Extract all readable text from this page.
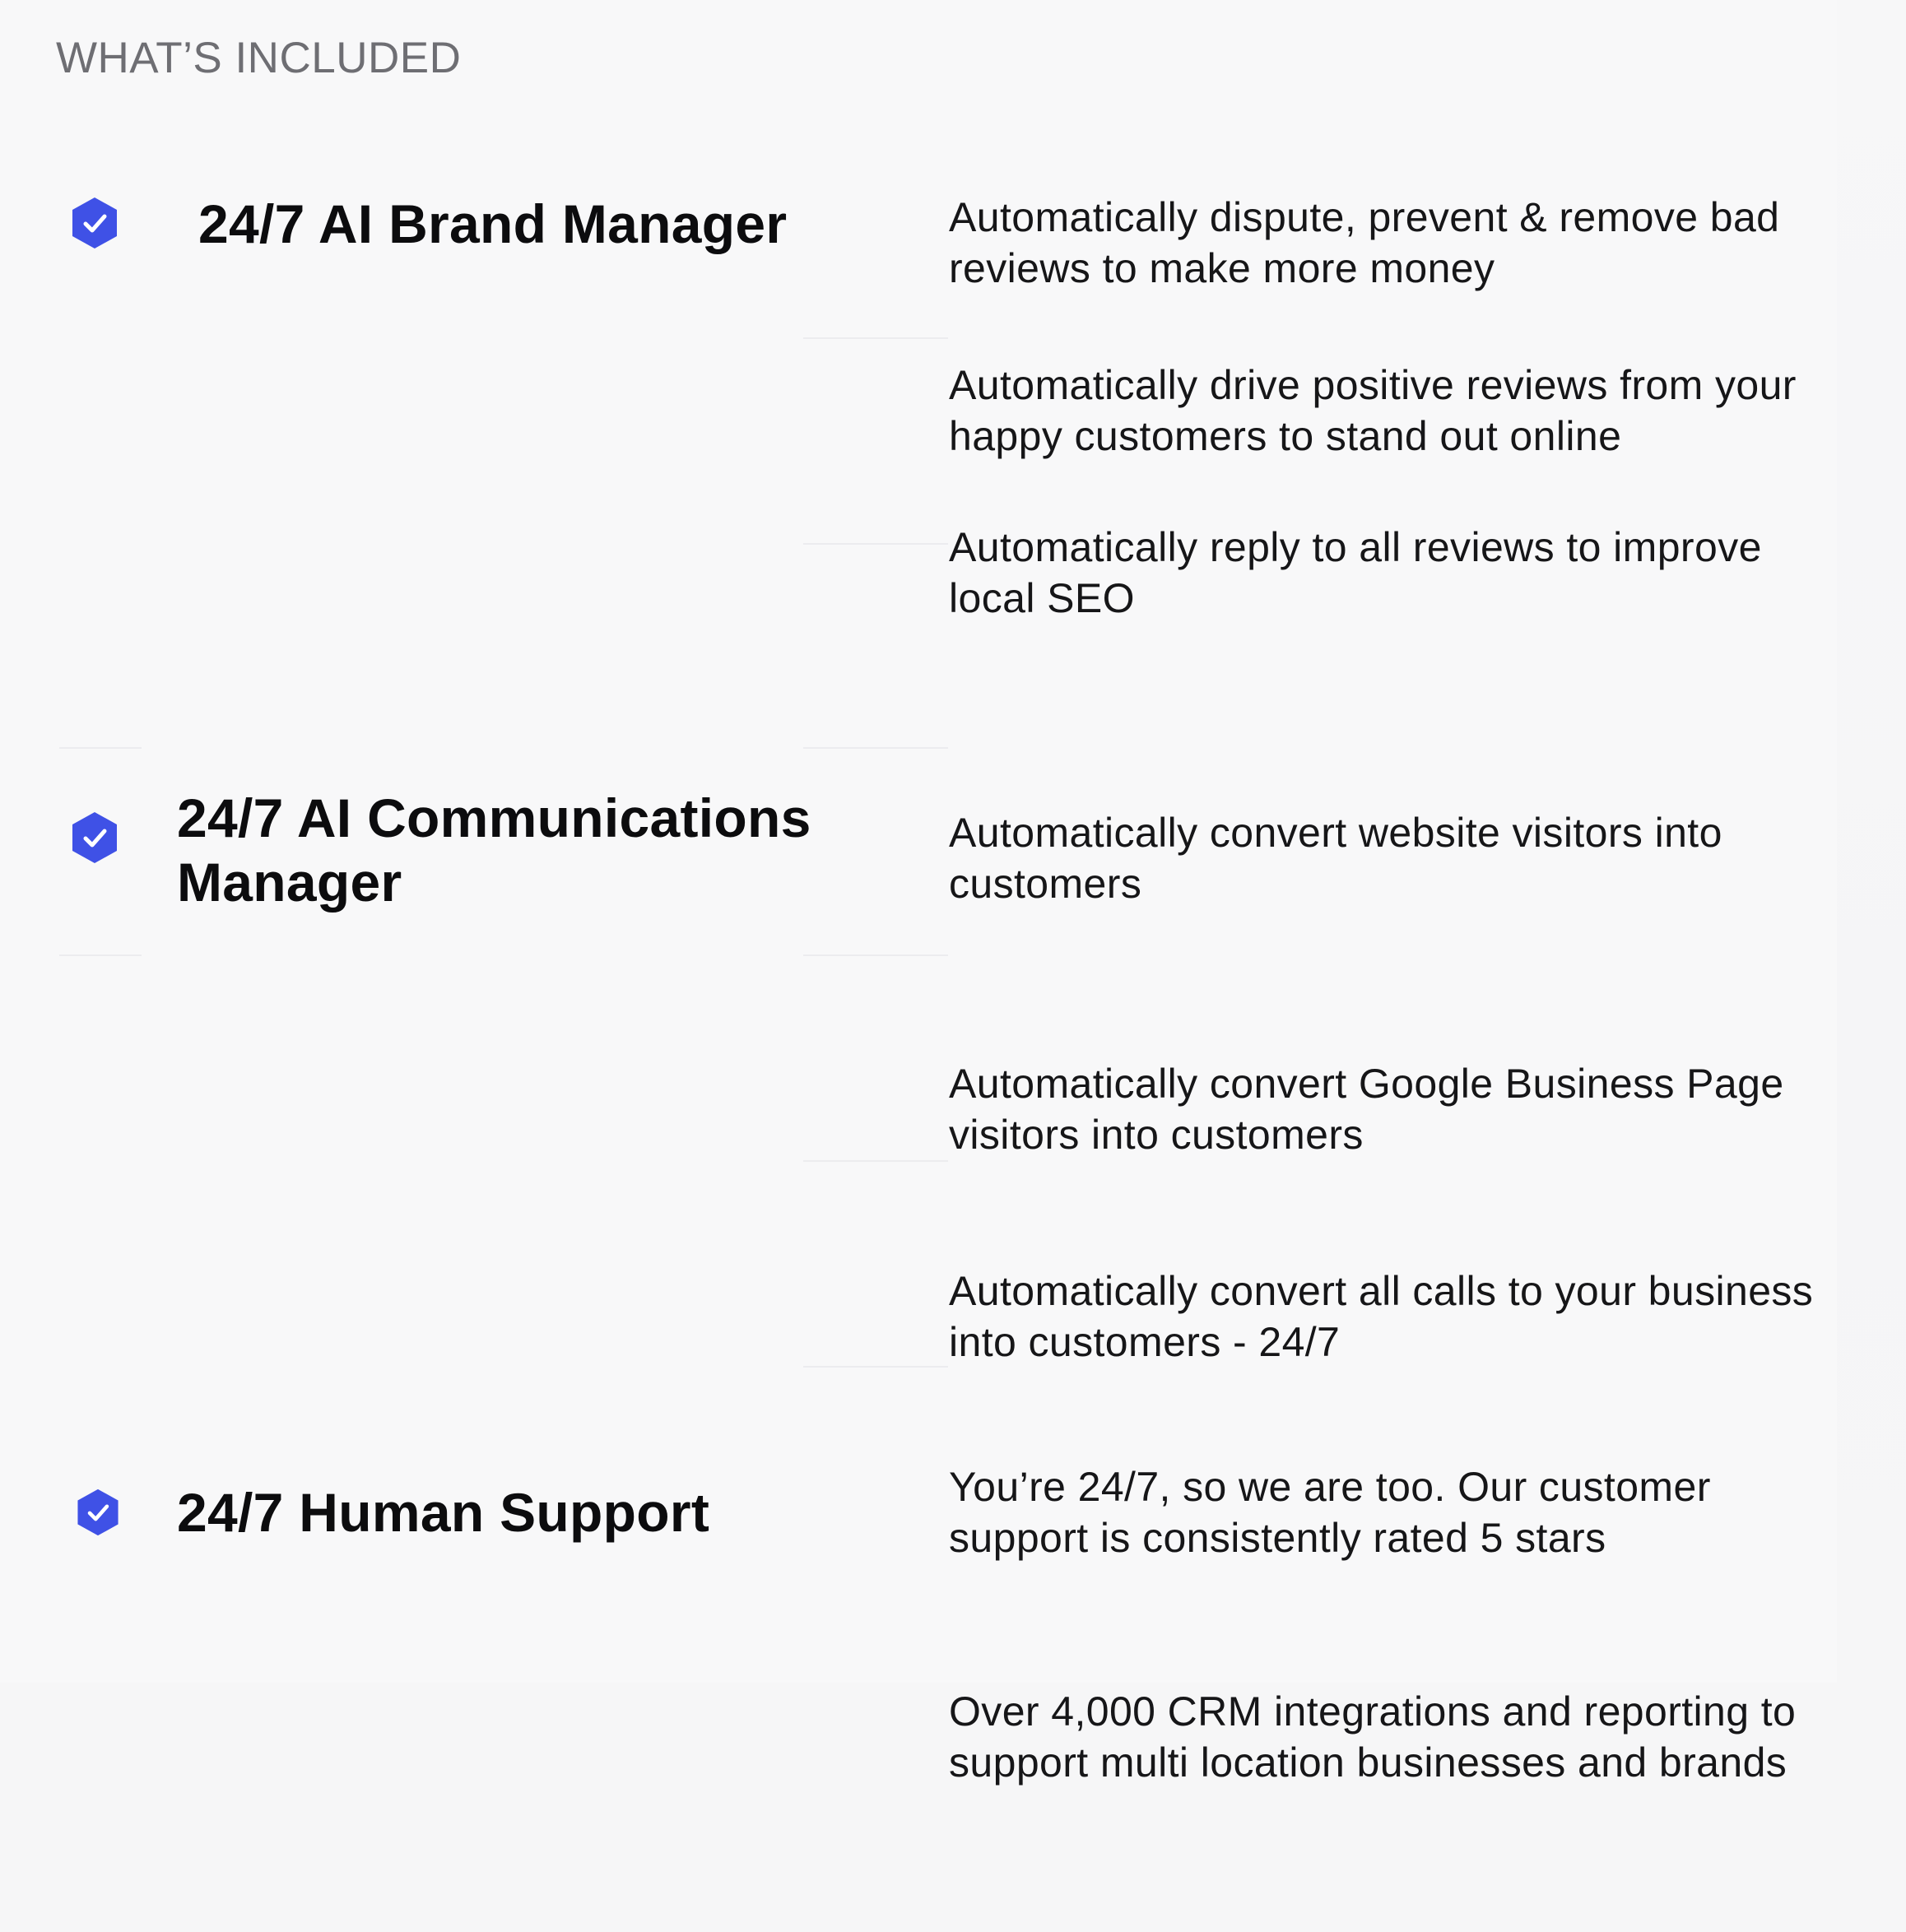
WHAT’S INCLUDED
24/7 AI Brand Manager	Automatically dispute, prevent & remove bad reviews to make more money
Automatically drive positive reviews from your happy customers to stand out online
Automatically reply to all reviews to improve local SEO
24/7 AI Communications Manager
Automatically convert website visitors into customers
Automatically convert Google Business Page visitors into customers
Automatically convert all calls to your business into customers - 24/7
24/7 Human Support	You’re 24/7, so we are too. Our customer support is consistently rated 5 stars
Over 4,000 CRM integrations and reporting to support multi location businesses and brands
